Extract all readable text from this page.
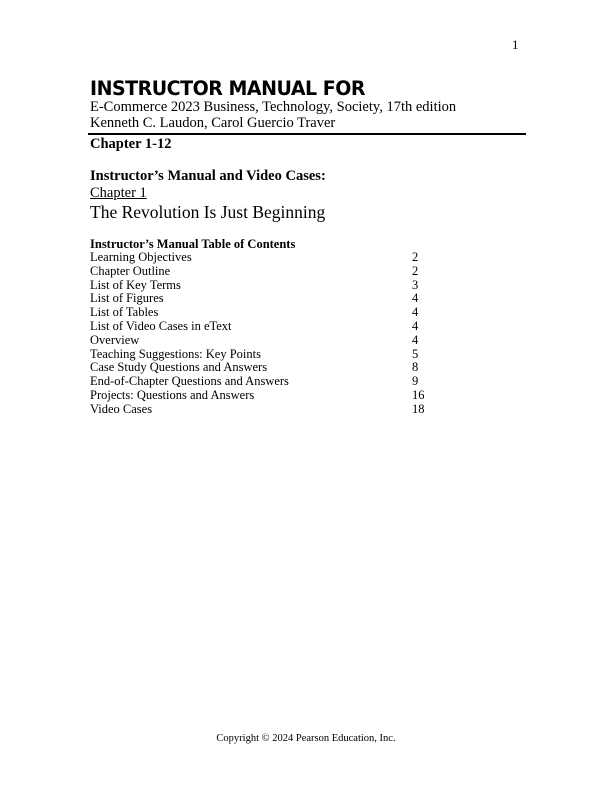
1
INSTRUCTOR MANUAL FOR
E-Commerce 2023 Business, Technology, Society, 17th edition
Kenneth C. Laudon, Carol Guercio Traver
Chapter 1-12
Instructor’s Manual and Video Cases:
Chapter 1
The Revolution Is Just Beginning
Instructor’s Manual Table of Contents
Learning Objectives	2
Chapter Outline	2
List of Key Terms	3
List of Figures	4
List of Tables	4
List of Video Cases in eText	4
Overview	4
Teaching Suggestions: Key Points	5
Case Study Questions and Answers	8
End-of-Chapter Questions and Answers	9
Projects: Questions and Answers	16
Video Cases	18
Copyright © 2024 Pearson Education, Inc.
